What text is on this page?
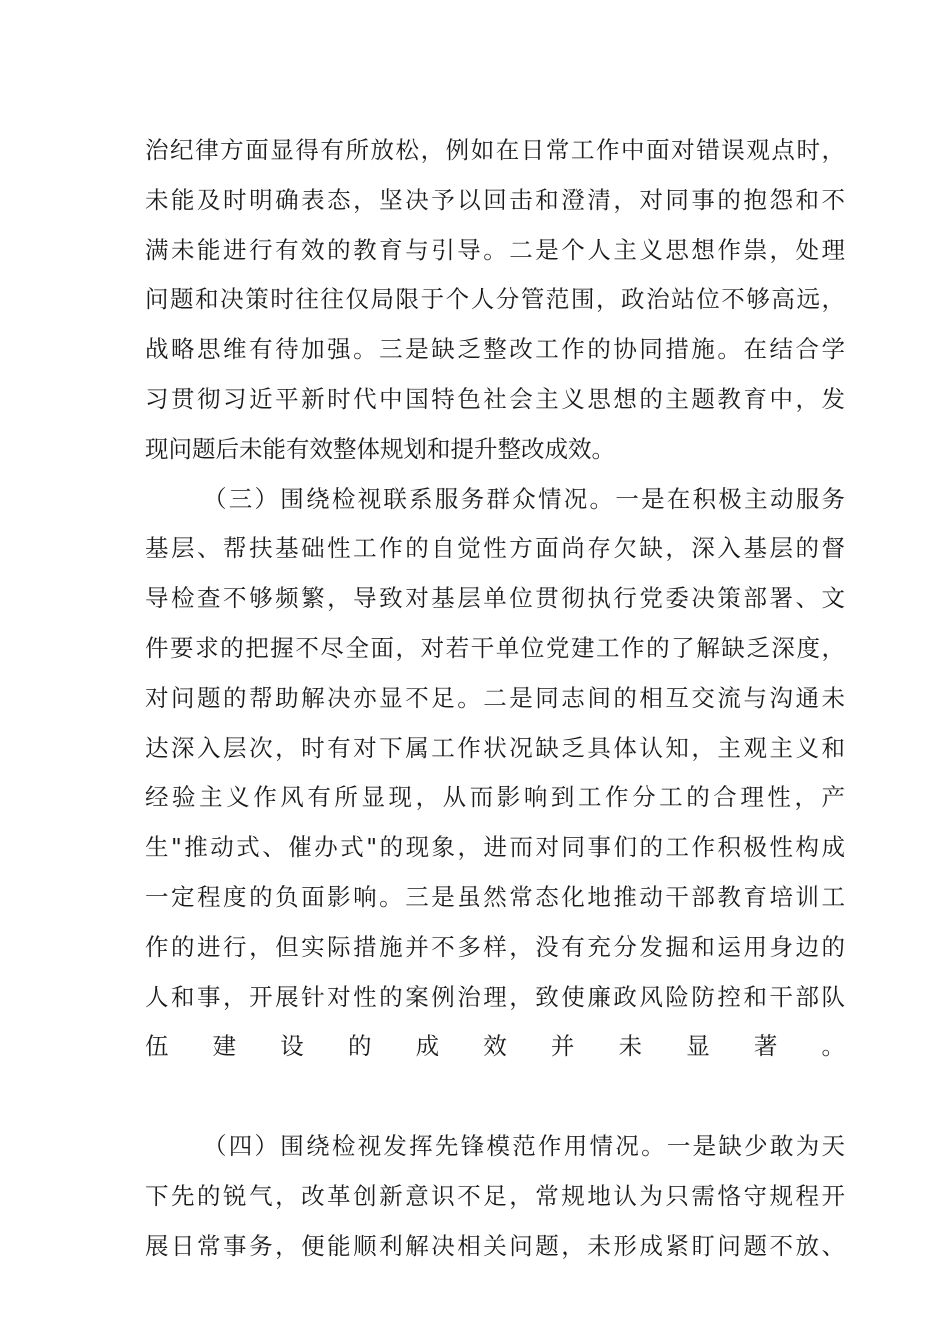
治纪律方面显得有所放松，例如在日常工作中面对错误观点时，
未能及时明确表态，坚决予以回击和澄清，对同事的抱怨和不
满未能进行有效的教育与引导。二是个人主义思想作祟，处理
问题和决策时往往仅局限于个人分管范围，政治站位不够高远，
战略思维有待加强。三是缺乏整改工作的协同措施。在结合学
习贯彻习近平新时代中国特色社会主义思想的主题教育中，发
现问题后未能有效整体规划和提升整改成效。
（三）围绕检视联系服务群众情况。一是在积极主动服务
基层、帮扶基础性工作的自觉性方面尚存欠缺，深入基层的督
导检查不够频繁，导致对基层单位贯彻执行党委决策部署、文
件要求的把握不尽全面，对若干单位党建工作的了解缺乏深度，
对问题的帮助解决亦显不足。二是同志间的相互交流与沟通未
达深入层次，时有对下属工作状况缺乏具体认知，主观主义和
经验主义作风有所显现，从而影响到工作分工的合理性，产
生"推动式、催办式"的现象，进而对同事们的工作积极性构成
一定程度的负面影响。三是虽然常态化地推动干部教育培训工
作的进行，但实际措施并不多样，没有充分发掘和运用身边的
人和事，开展针对性的案例治理，致使廉政风险防控和干部队
伍建设的成效并未显著。
（四）围绕检视发挥先锋模范作用情况。一是缺少敢为天
下先的锐气，改革创新意识不足，常规地认为只需恪守规程开
展日常事务，便能顺利解决相关问题，未形成紧盯问题不放、
